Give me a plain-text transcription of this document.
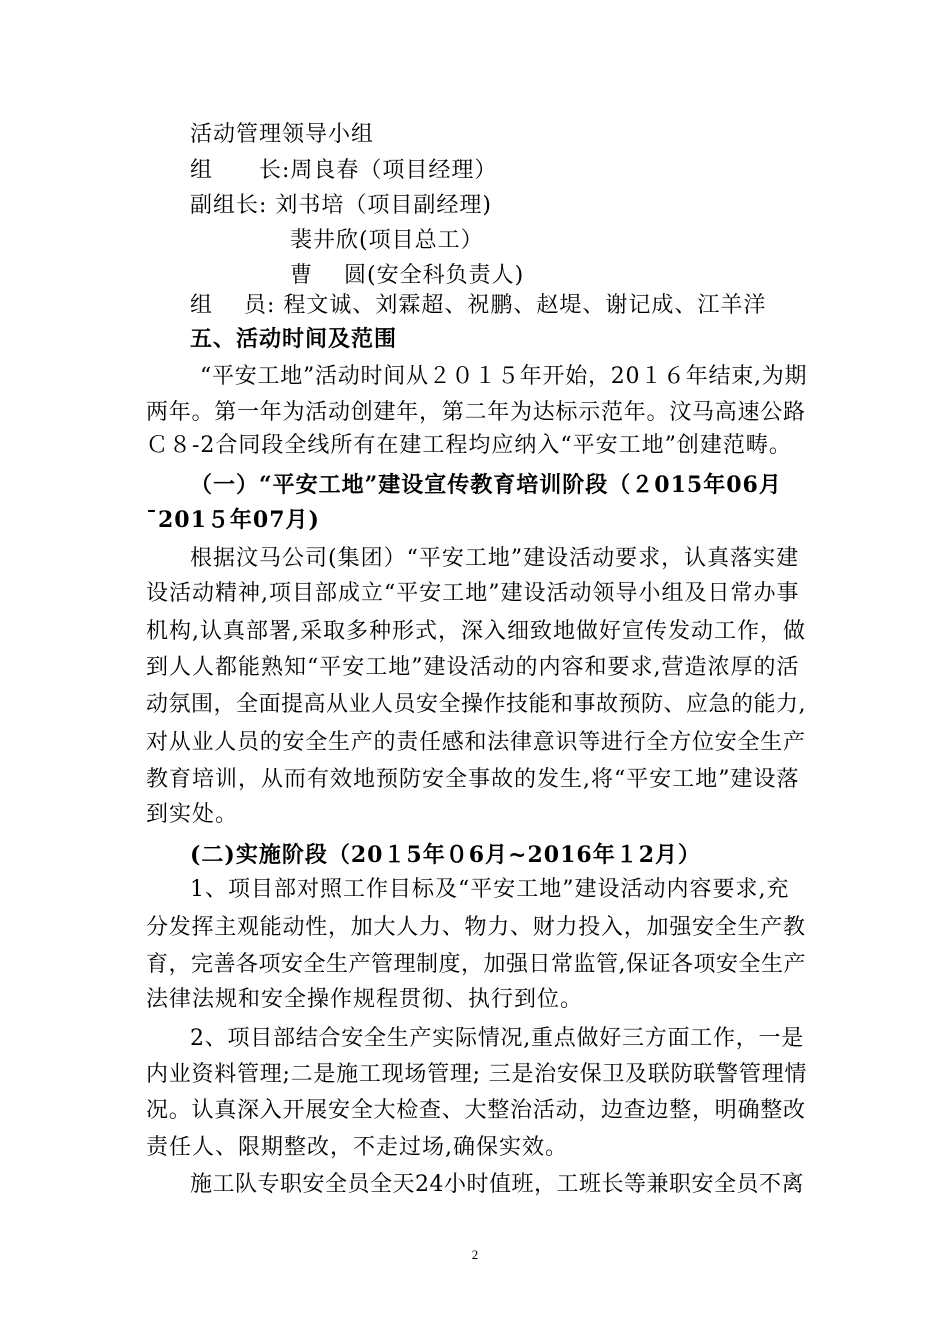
活动管理领导小组
组　　长:周良春（项目经理）
副组长: 刘书培（项目副经理)
裴井欣(项目总工）
曹　 圆(安全科负责人)
组　 员: 程文诚、刘霖超、祝鹏、赵堤、谢记成、江羊洋
五、活动时间及范围
“平安工地”活动时间从２０１５年开始，20１６年结束,为期
两年。第一年为活动创建年，第二年为达标示范年。汶马高速公路
Ｃ８-2合同段全线所有在建工程均应纳入“平安工地”创建范畴。
（一）“平安工地”建设宣传教育培训阶段（２015年06月
¯201５年07月)
根据汶马公司(集团）“平安工地”建设活动要求，认真落实建
设活动精神,项目部成立“平安工地”建设活动领导小组及日常办事
机构,认真部署,采取多种形式，深入细致地做好宣传发动工作，做
到人人都能熟知“平安工地”建设活动的内容和要求,营造浓厚的活
动氛围，全面提高从业人员安全操作技能和事故预防、应急的能力,
对从业人员的安全生产的责任感和法律意识等进行全方位安全生产
教育培训，从而有效地预防安全事故的发生,将“平安工地”建设落
到实处。
(二)实施阶段（20１5年０6月~2016年１2月）
1、项目部对照工作目标及“平安工地”建设活动内容要求,充
分发挥主观能动性，加大人力、物力、财力投入，加强安全生产教
育，完善各项安全生产管理制度，加强日常监管,保证各项安全生产
法律法规和安全操作规程贯彻、执行到位。
2、项目部结合安全生产实际情况,重点做好三方面工作，一是
内业资料管理;二是施工现场管理; 三是治安保卫及联防联警管理情
况。认真深入开展安全大检查、大整治活动，边查边整，明确整改
责任人、限期整改，不走过场,确保实效。
施工队专职安全员全天24小时值班，工班长等兼职安全员不离
2
